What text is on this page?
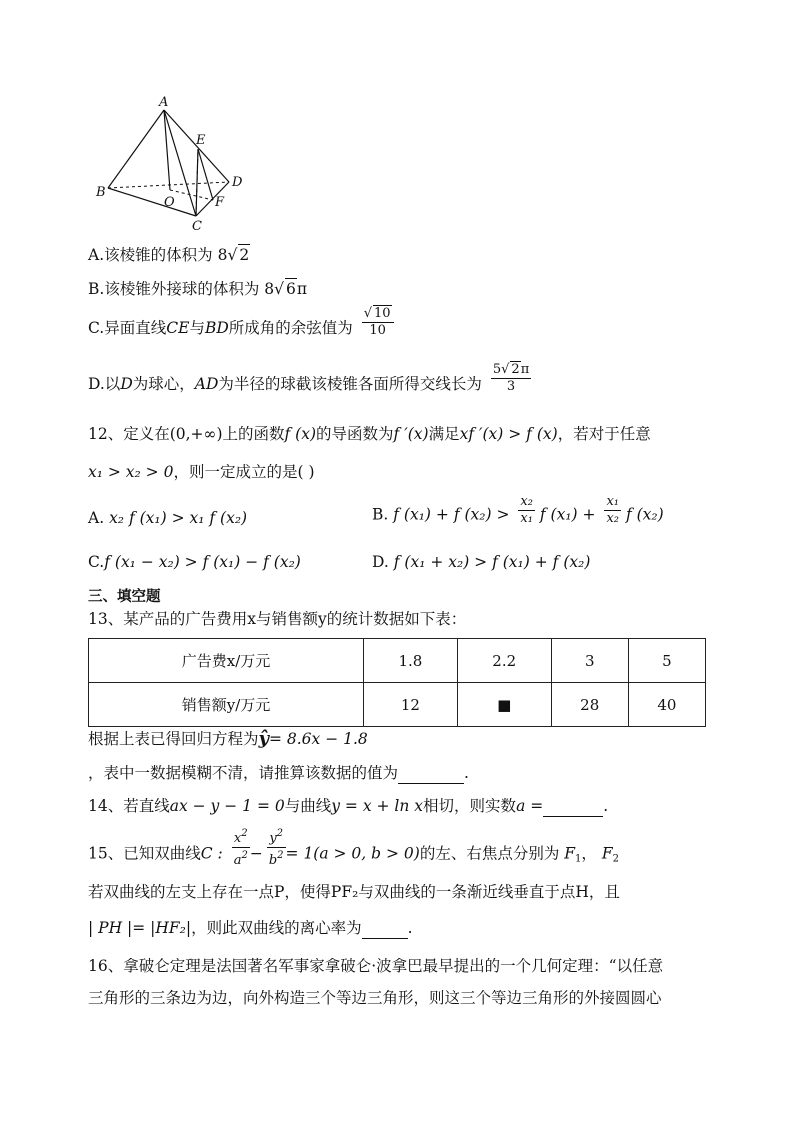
A
E
B
O
D
F
C
A.该棱锥的体积为 8√ 2
B.该棱锥外接球的体积为 8√ 6π
C.异面直线CE与BD所成角的余弦值为 $\frac{√ 10}{10}$
D.以D为球心，AD为半径的球截该棱锥各面所得交线长为 $\frac{5√ 2\pi}{3}$
12、定义在(0,+∞)上的函数f (x)的导函数为f ′(x)满足xf ′(x) > f (x)，若对于任意
x₁ > x₂ > 0，则一定成立的是( )
A. x₂ f (x₁) > x₁ f (x₂)	B. f (x₁) + f $(x_2) > \frac{\text{x₂}}{\text{x₁}}$ f $(x_1) + \frac{\text{x₁}}{\text{x₂}}$ f (x₂)
C.f (x₁ − x₂) > f (x₁) − f (x₂)	D. f (x₁ + x₂) > f (x₁) + f (x₂)
三、填空题
13、某产品的广告费用x与销售额y的统计数据如下表：
广告费x/万元	1.8	2.2	3	5
销售额y/万元	12	■	28	40
根据上表已得回归方程为ŷ= 8.6x − 1.8
，表中一数据模糊不清，请推算该数据的值为	.
14、若直线ax − y − 1 = 0与曲线y = x + ln x相切，则实数a =	.
15、已知双曲线C : $\frac{x^2}{a^2} - \frac{y^2}{b^2} = 1(a > 0$, b > 0)的左、右焦点分别为 $F_1$， $F_2$
若双曲线的左支上存在一点P，使得PF₂与双曲线的一条渐近线垂直于点H，且
| PH |= |HF₂|，则此双曲线的离心率为	.
16、拿破仑定理是法国著名军事家拿破仑·波拿巴最早提出的一个几何定理：“以任意
三角形的三条边为边，向外构造三个等边三角形，则这三个等边三角形的外接圆圆心
